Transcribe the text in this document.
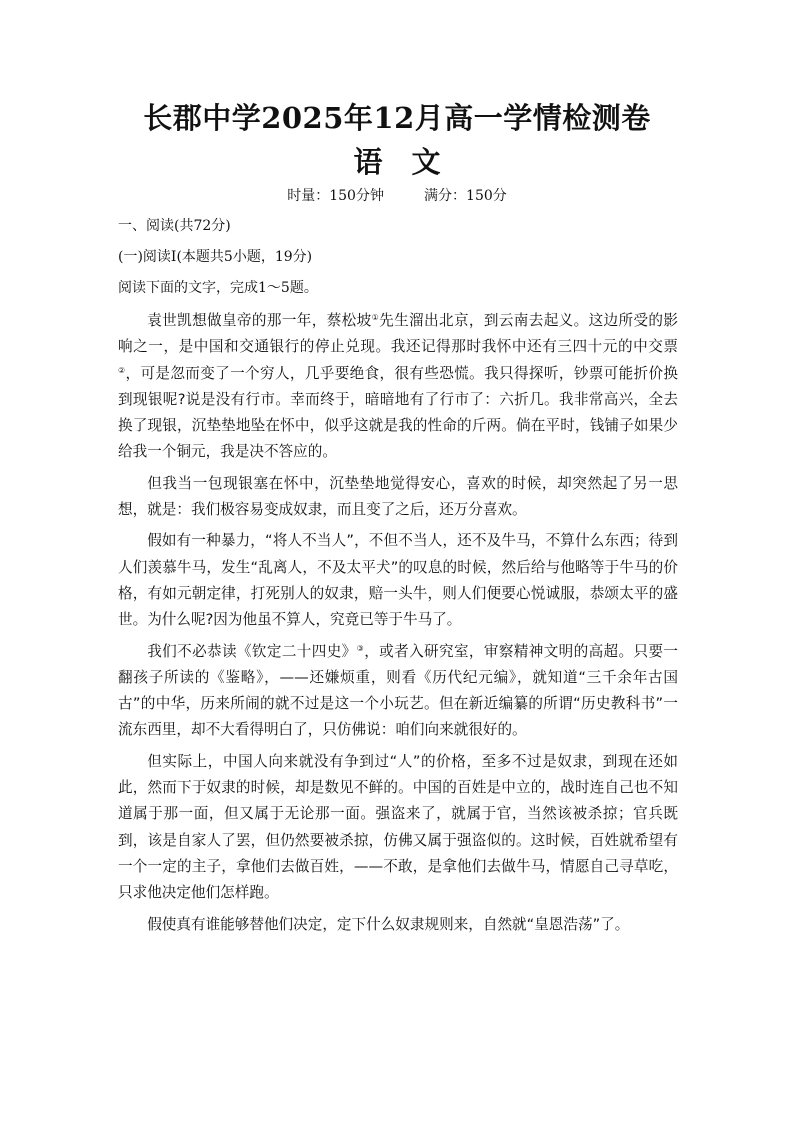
长郡中学2025年12月高一学情检测卷
语　文
时量：150分钟	满分：150分
一、阅读(共72分)
(一)阅读I(本题共5小题，19分)
阅读下面的文字，完成1～5题。

袁世凯想做皇帝的那一年，蔡松坡①先生溜出北京，到云南去起义。这边所受的影响之一，是中国和交通银行的停止兑现。我还记得那时我怀中还有三四十元的中交票②，可是忽而变了一个穷人，几乎要绝食，很有些恐慌。我只得探听，钞票可能折价换到现银呢?说是没有行市。幸而终于，暗暗地有了行市了：六折几。我非常高兴，全去换了现银，沉垫垫地坠在怀中，似乎这就是我的性命的斤两。倘在平时，钱铺子如果少给我一个铜元，我是决不答应的。

但我当一包现银塞在怀中，沉垫垫地觉得安心，喜欢的时候，却突然起了另一思想，就是：我们极容易变成奴隶，而且变了之后，还万分喜欢。

假如有一种暴力，“将人不当人”，不但不当人，还不及牛马，不算什么东西；待到人们羡慕牛马，发生“乱离人，不及太平犬”的叹息的时候，然后给与他略等于牛马的价格，有如元朝定律，打死别人的奴隶，赔一头牛，则人们便要心悦诚服，恭颂太平的盛世。为什么呢?因为他虽不算人，究竟已等于牛马了。

我们不必恭读《钦定二十四史》③，或者入研究室，审察精神文明的高超。只要一翻孩子所读的《鉴略》，——还嫌烦重，则看《历代纪元编》，就知道“三千余年古国古”的中华，历来所闹的就不过是这一个小玩艺。但在新近编纂的所谓“历史教科书”一流东西里，却不大看得明白了，只仿佛说：咱们向来就很好的。

但实际上，中国人向来就没有争到过“人”的价格，至多不过是奴隶，到现在还如此，然而下于奴隶的时候，却是数见不鲜的。中国的百姓是中立的，战时连自己也不知道属于那一面，但又属于无论那一面。强盗来了，就属于官，当然该被杀掠；官兵既到，该是自家人了罢，但仍然要被杀掠，仿佛又属于强盗似的。这时候，百姓就希望有一个一定的主子，拿他们去做百姓，——不敢，是拿他们去做牛马，情愿自己寻草吃，只求他决定他们怎样跑。

假使真有谁能够替他们决定，定下什么奴隶规则来，自然就“皇恩浩荡”了。
